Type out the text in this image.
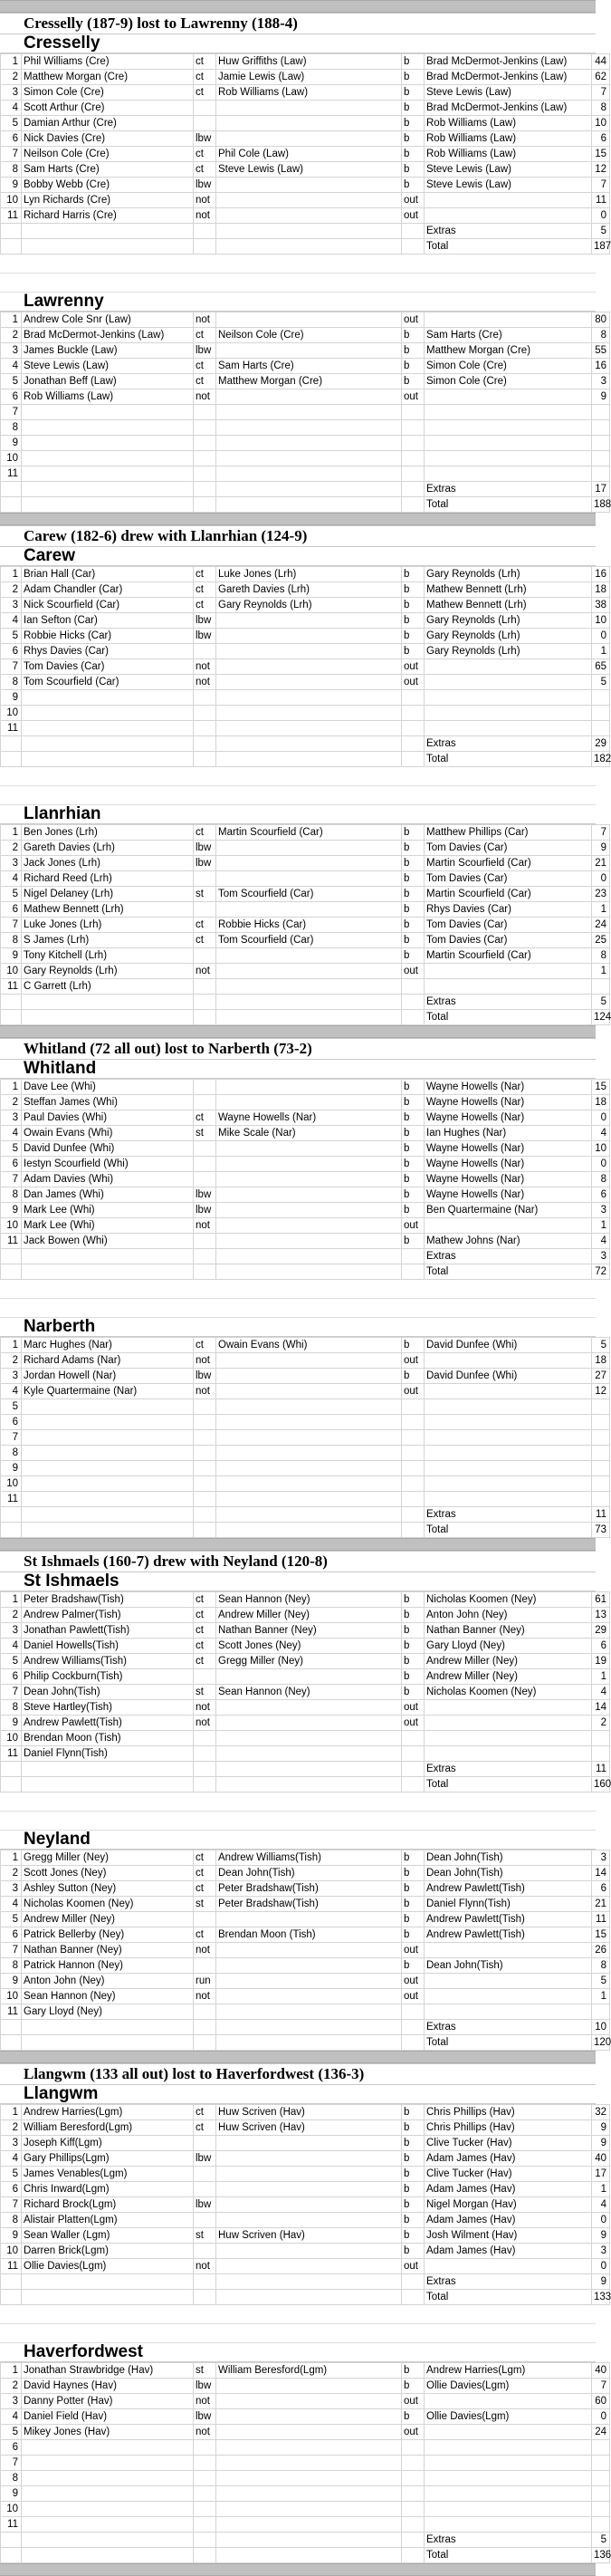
Cresselly (187-9) lost to Lawrenny (188-4)
Cresselly
1	Phil Williams (Cre)	ct	Huw Griffiths (Law)	b	Brad McDermot-Jenkins (Law)	44
2	Matthew Morgan (Cre)	ct	Jamie Lewis (Law)	b	Brad McDermot-Jenkins (Law)	62
3	Simon Cole (Cre)	ct	Rob Williams (Law)	b	Steve Lewis (Law)	7
4	Scott Arthur (Cre)			b	Brad McDermot-Jenkins (Law)	8
5	Damian Arthur (Cre)			b	Rob Williams (Law)	10
6	Nick Davies (Cre)	lbw		b	Rob Williams (Law)	6
7	Neilson Cole (Cre)	ct	Phil Cole (Law)	b	Rob Williams (Law)	15
8	Sam Harts (Cre)	ct	Steve Lewis (Law)	b	Steve Lewis (Law)	12
9	Bobby Webb (Cre)	lbw		b	Steve Lewis (Law)	7
10	Lyn Richards (Cre)	not		out		11
11	Richard Harris (Cre)	not		out		0
					Extras	5
					Total	187
Lawrenny
1	Andrew Cole Snr (Law)	not		out		80
2	Brad McDermot-Jenkins (Law)	ct	Neilson Cole (Cre)	b	Sam Harts (Cre)	8
3	James Buckle (Law)	lbw		b	Matthew Morgan (Cre)	55
4	Steve Lewis (Law)	ct	Sam Harts (Cre)	b	Simon Cole (Cre)	16
5	Jonathan Beff (Law)	ct	Matthew Morgan (Cre)	b	Simon Cole (Cre)	3
6	Rob Williams (Law)	not		out		9
7						
8						
9						
10						
11						
					Extras	17
					Total	188
Carew (182-6) drew with Llanrhian (124-9)
Carew
1	Brian Hall (Car)	ct	Luke Jones (Lrh)	b	Gary Reynolds (Lrh)	16
2	Adam Chandler (Car)	ct	Gareth Davies (Lrh)	b	Mathew Bennett (Lrh)	18
3	Nick Scourfield (Car)	ct	Gary Reynolds (Lrh)	b	Mathew Bennett (Lrh)	38
4	Ian Sefton (Car)	lbw		b	Gary Reynolds (Lrh)	10
5	Robbie Hicks (Car)	lbw		b	Gary Reynolds (Lrh)	0
6	Rhys Davies (Car)			b	Gary Reynolds (Lrh)	1
7	Tom Davies (Car)	not		out		65
8	Tom Scourfield (Car)	not		out		5
9						
10						
11						
					Extras	29
					Total	182
Llanrhian
1	Ben Jones (Lrh)	ct	Martin Scourfield (Car)	b	Matthew Phillips (Car)	7
2	Gareth Davies (Lrh)	lbw		b	Tom Davies (Car)	9
3	Jack Jones (Lrh)	lbw		b	Martin Scourfield (Car)	21
4	Richard Reed (Lrh)			b	Tom Davies (Car)	0
5	Nigel Delaney (Lrh)	st	Tom Scourfield (Car)	b	Martin Scourfield (Car)	23
6	Mathew Bennett (Lrh)			b	Rhys Davies (Car)	1
7	Luke Jones (Lrh)	ct	Robbie Hicks (Car)	b	Tom Davies (Car)	24
8	S James (Lrh)	ct	Tom Scourfield (Car)	b	Tom Davies (Car)	25
9	Tony Kitchell (Lrh)			b	Martin Scourfield (Car)	8
10	Gary Reynolds (Lrh)	not		out		1
11	C Garrett (Lrh)					
					Extras	5
					Total	124
Whitland (72 all out) lost to Narberth (73-2)
Whitland
1	Dave Lee (Whi)			b	Wayne Howells (Nar)	15
2	Steffan James (Whi)			b	Wayne Howells (Nar)	18
3	Paul Davies (Whi)	ct	Wayne Howells (Nar)	b	Wayne Howells (Nar)	0
4	Owain Evans (Whi)	st	Mike Scale (Nar)	b	Ian Hughes (Nar)	4
5	David Dunfee (Whi)			b	Wayne Howells (Nar)	10
6	Iestyn Scourfield (Whi)			b	Wayne Howells (Nar)	0
7	Adam Davies (Whi)			b	Wayne Howells (Nar)	8
8	Dan James (Whi)	lbw		b	Wayne Howells (Nar)	6
9	Mark Lee (Whi)	lbw		b	Ben Quartermaine (Nar)	3
10	Mark Lee (Whi)	not		out		1
11	Jack Bowen (Whi)			b	Mathew Johns (Nar)	4
					Extras	3
					Total	72
Narberth
1	Marc Hughes (Nar)	ct	Owain Evans (Whi)	b	David Dunfee (Whi)	5
2	Richard Adams (Nar)	not		out		18
3	Jordan Howell (Nar)	lbw		b	David Dunfee (Whi)	27
4	Kyle Quartermaine (Nar)	not		out		12
5						
6						
7						
8						
9						
10						
11						
					Extras	11
					Total	73
St Ishmaels (160-7) drew with Neyland (120-8)
St Ishmaels
1	Peter Bradshaw(Tish)	ct	Sean Hannon (Ney)	b	Nicholas Koomen (Ney)	61
2	Andrew Palmer(Tish)	ct	Andrew Miller (Ney)	b	Anton John (Ney)	13
3	Jonathan Pawlett(Tish)	ct	Nathan Banner (Ney)	b	Nathan Banner (Ney)	29
4	Daniel Howells(Tish)	ct	Scott Jones (Ney)	b	Gary Lloyd (Ney)	6
5	Andrew Williams(Tish)	ct	Gregg Miller (Ney)	b	Andrew Miller (Ney)	19
6	Philip Cockburn(Tish)			b	Andrew Miller (Ney)	1
7	Dean John(Tish)	st	Sean Hannon (Ney)	b	Nicholas Koomen (Ney)	4
8	Steve Hartley(Tish)	not		out		14
9	Andrew Pawlett(Tish)	not		out		2
10	Brendan Moon (Tish)					
11	Daniel Flynn(Tish)					
					Extras	11
					Total	160
Neyland
1	Gregg Miller (Ney)	ct	Andrew Williams(Tish)	b	Dean John(Tish)	3
2	Scott Jones (Ney)	ct	Dean John(Tish)	b	Dean John(Tish)	14
3	Ashley Sutton (Ney)	ct	Peter Bradshaw(Tish)	b	Andrew Pawlett(Tish)	6
4	Nicholas Koomen (Ney)	st	Peter Bradshaw(Tish)	b	Daniel Flynn(Tish)	21
5	Andrew Miller (Ney)			b	Andrew Pawlett(Tish)	11
6	Patrick Bellerby (Ney)	ct	Brendan Moon (Tish)	b	Andrew Pawlett(Tish)	15
7	Nathan Banner (Ney)	not		out		26
8	Patrick Hannon (Ney)			b	Dean John(Tish)	8
9	Anton John (Ney)	run		out		5
10	Sean Hannon (Ney)	not		out		1
11	Gary Lloyd (Ney)					
					Extras	10
					Total	120
Llangwm (133 all out) lost to Haverfordwest (136-3)
Llangwm
1	Andrew Harries(Lgm)	ct	Huw Scriven (Hav)	b	Chris Phillips (Hav)	32
2	William Beresford(Lgm)	ct	Huw Scriven (Hav)	b	Chris Phillips (Hav)	9
3	Joseph Kiff(Lgm)			b	Clive Tucker (Hav)	9
4	Gary Phillips(Lgm)	lbw		b	Adam James (Hav)	40
5	James Venables(Lgm)			b	Clive Tucker (Hav)	17
6	Chris Inward(Lgm)			b	Adam James (Hav)	1
7	Richard Brock(Lgm)	lbw		b	Nigel Morgan (Hav)	4
8	Alistair Platten(Lgm)			b	Adam James (Hav)	0
9	Sean Waller (Lgm)	st	Huw Scriven (Hav)	b	Josh Wilment (Hav)	9
10	Darren Brick(Lgm)			b	Adam James (Hav)	3
11	Ollie Davies(Lgm)	not		out		0
					Extras	9
					Total	133
Haverfordwest
1	Jonathan Strawbridge (Hav)	st	William Beresford(Lgm)	b	Andrew Harries(Lgm)	40
2	David Haynes (Hav)	lbw		b	Ollie Davies(Lgm)	7
3	Danny Potter (Hav)	not		out		60
4	Daniel Field (Hav)	lbw		b	Ollie Davies(Lgm)	0
5	Mikey Jones (Hav)	not		out		24
6						
7						
8						
9						
10						
11						
					Extras	5
					Total	136
